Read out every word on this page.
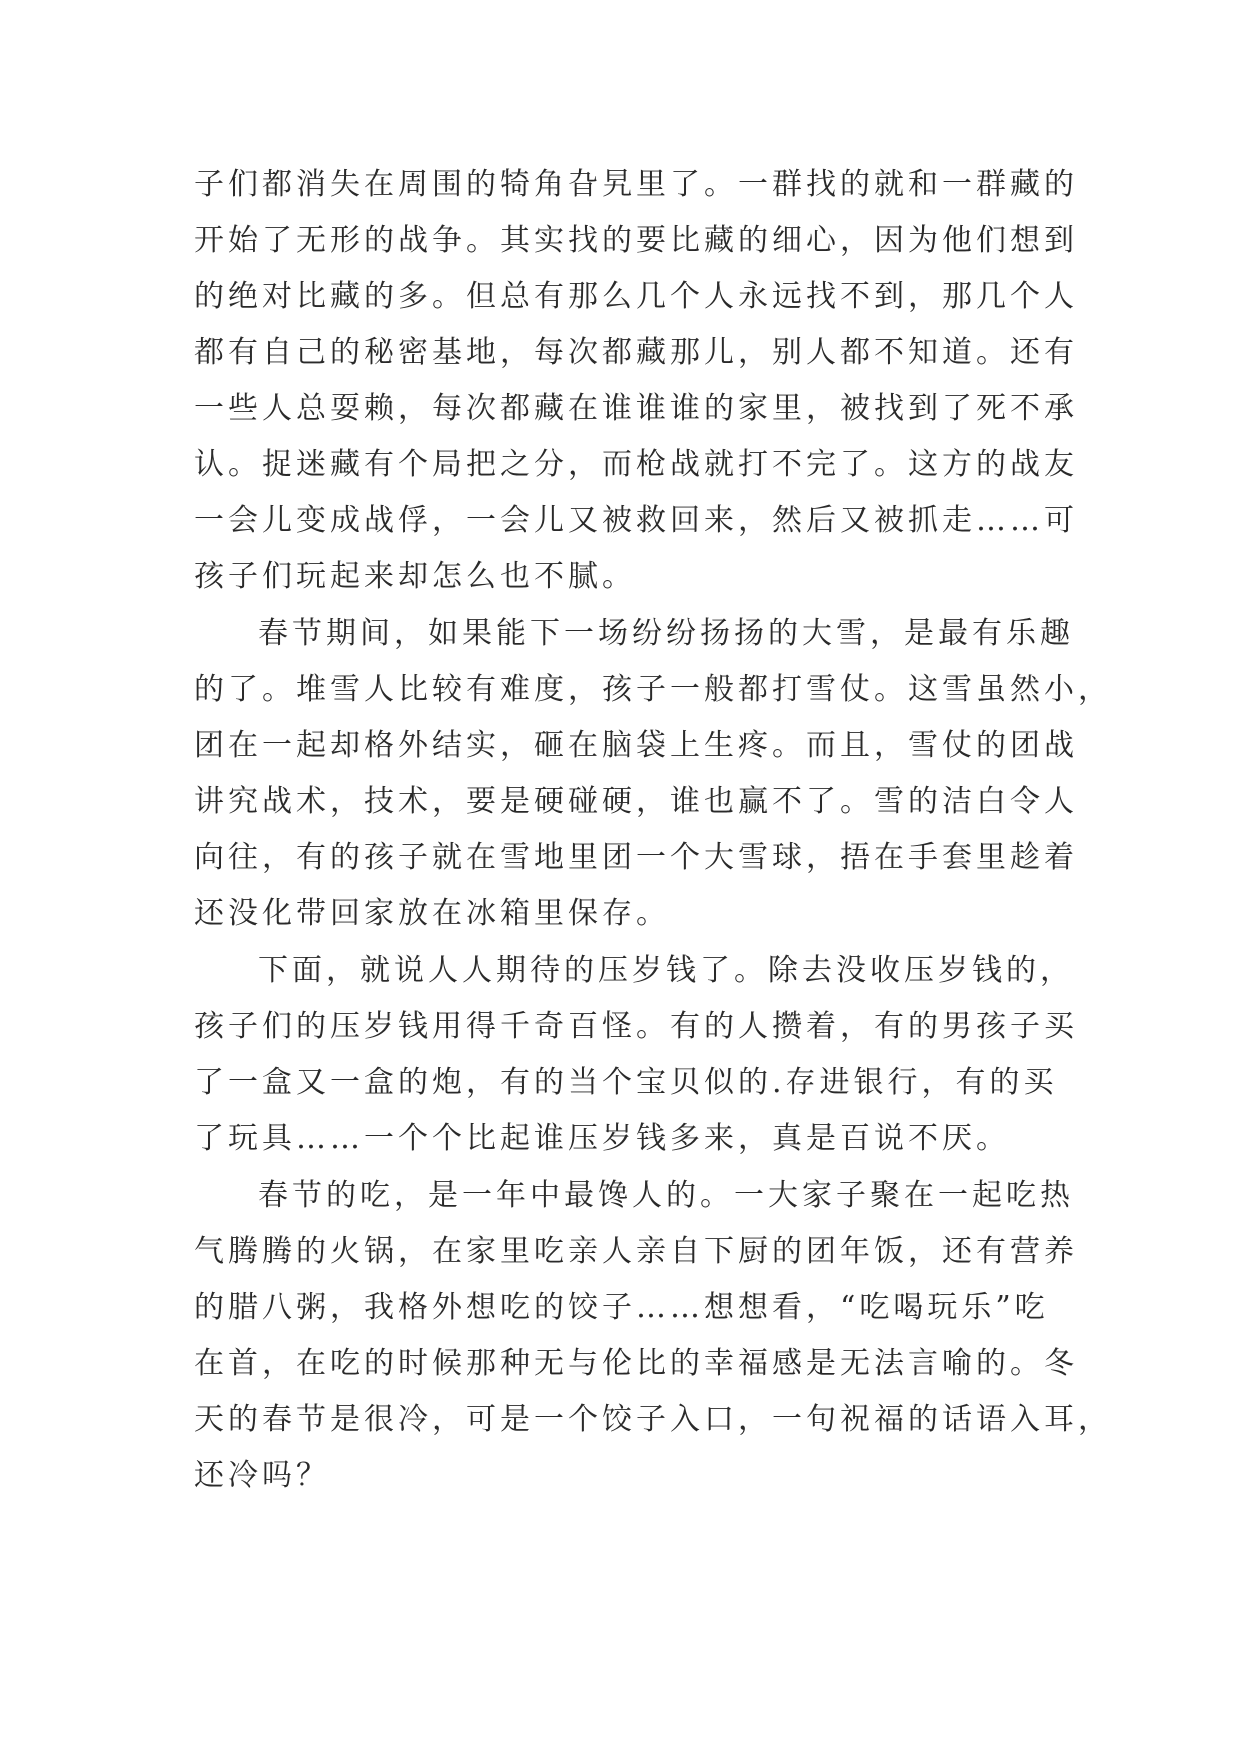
子们都消失在周围的犄角旮旯里了。一群找的就和一群藏的
开始了无形的战争。其实找的要比藏的细心，因为他们想到
的绝对比藏的多。但总有那么几个人永远找不到，那几个人
都有自己的秘密基地，每次都藏那儿，别人都不知道。还有
一些人总耍赖，每次都藏在谁谁谁的家里，被找到了死不承
认。捉迷藏有个局把之分，而枪战就打不完了。这方的战友
一会儿变成战俘，一会儿又被救回来，然后又被抓走……可
孩子们玩起来却怎么也不腻。
春节期间，如果能下一场纷纷扬扬的大雪，是最有乐趣
的了。堆雪人比较有难度，孩子一般都打雪仗。这雪虽然小，
团在一起却格外结实，砸在脑袋上生疼。而且，雪仗的团战
讲究战术，技术，要是硬碰硬，谁也赢不了。雪的洁白令人
向往，有的孩子就在雪地里团一个大雪球，捂在手套里趁着
还没化带回家放在冰箱里保存。
下面，就说人人期待的压岁钱了。除去没收压岁钱的，
孩子们的压岁钱用得千奇百怪。有的人攒着，有的男孩子买
了一盒又一盒的炮，有的当个宝贝似的.存进银行，有的买
了玩具……一个个比起谁压岁钱多来，真是百说不厌。
春节的吃，是一年中最馋人的。一大家子聚在一起吃热
气腾腾的火锅，在家里吃亲人亲自下厨的团年饭，还有营养
的腊八粥，我格外想吃的饺子……想想看，“吃喝玩乐”吃
在首，在吃的时候那种无与伦比的幸福感是无法言喻的。冬
天的春节是很冷，可是一个饺子入口，一句祝福的话语入耳，
还冷吗？
